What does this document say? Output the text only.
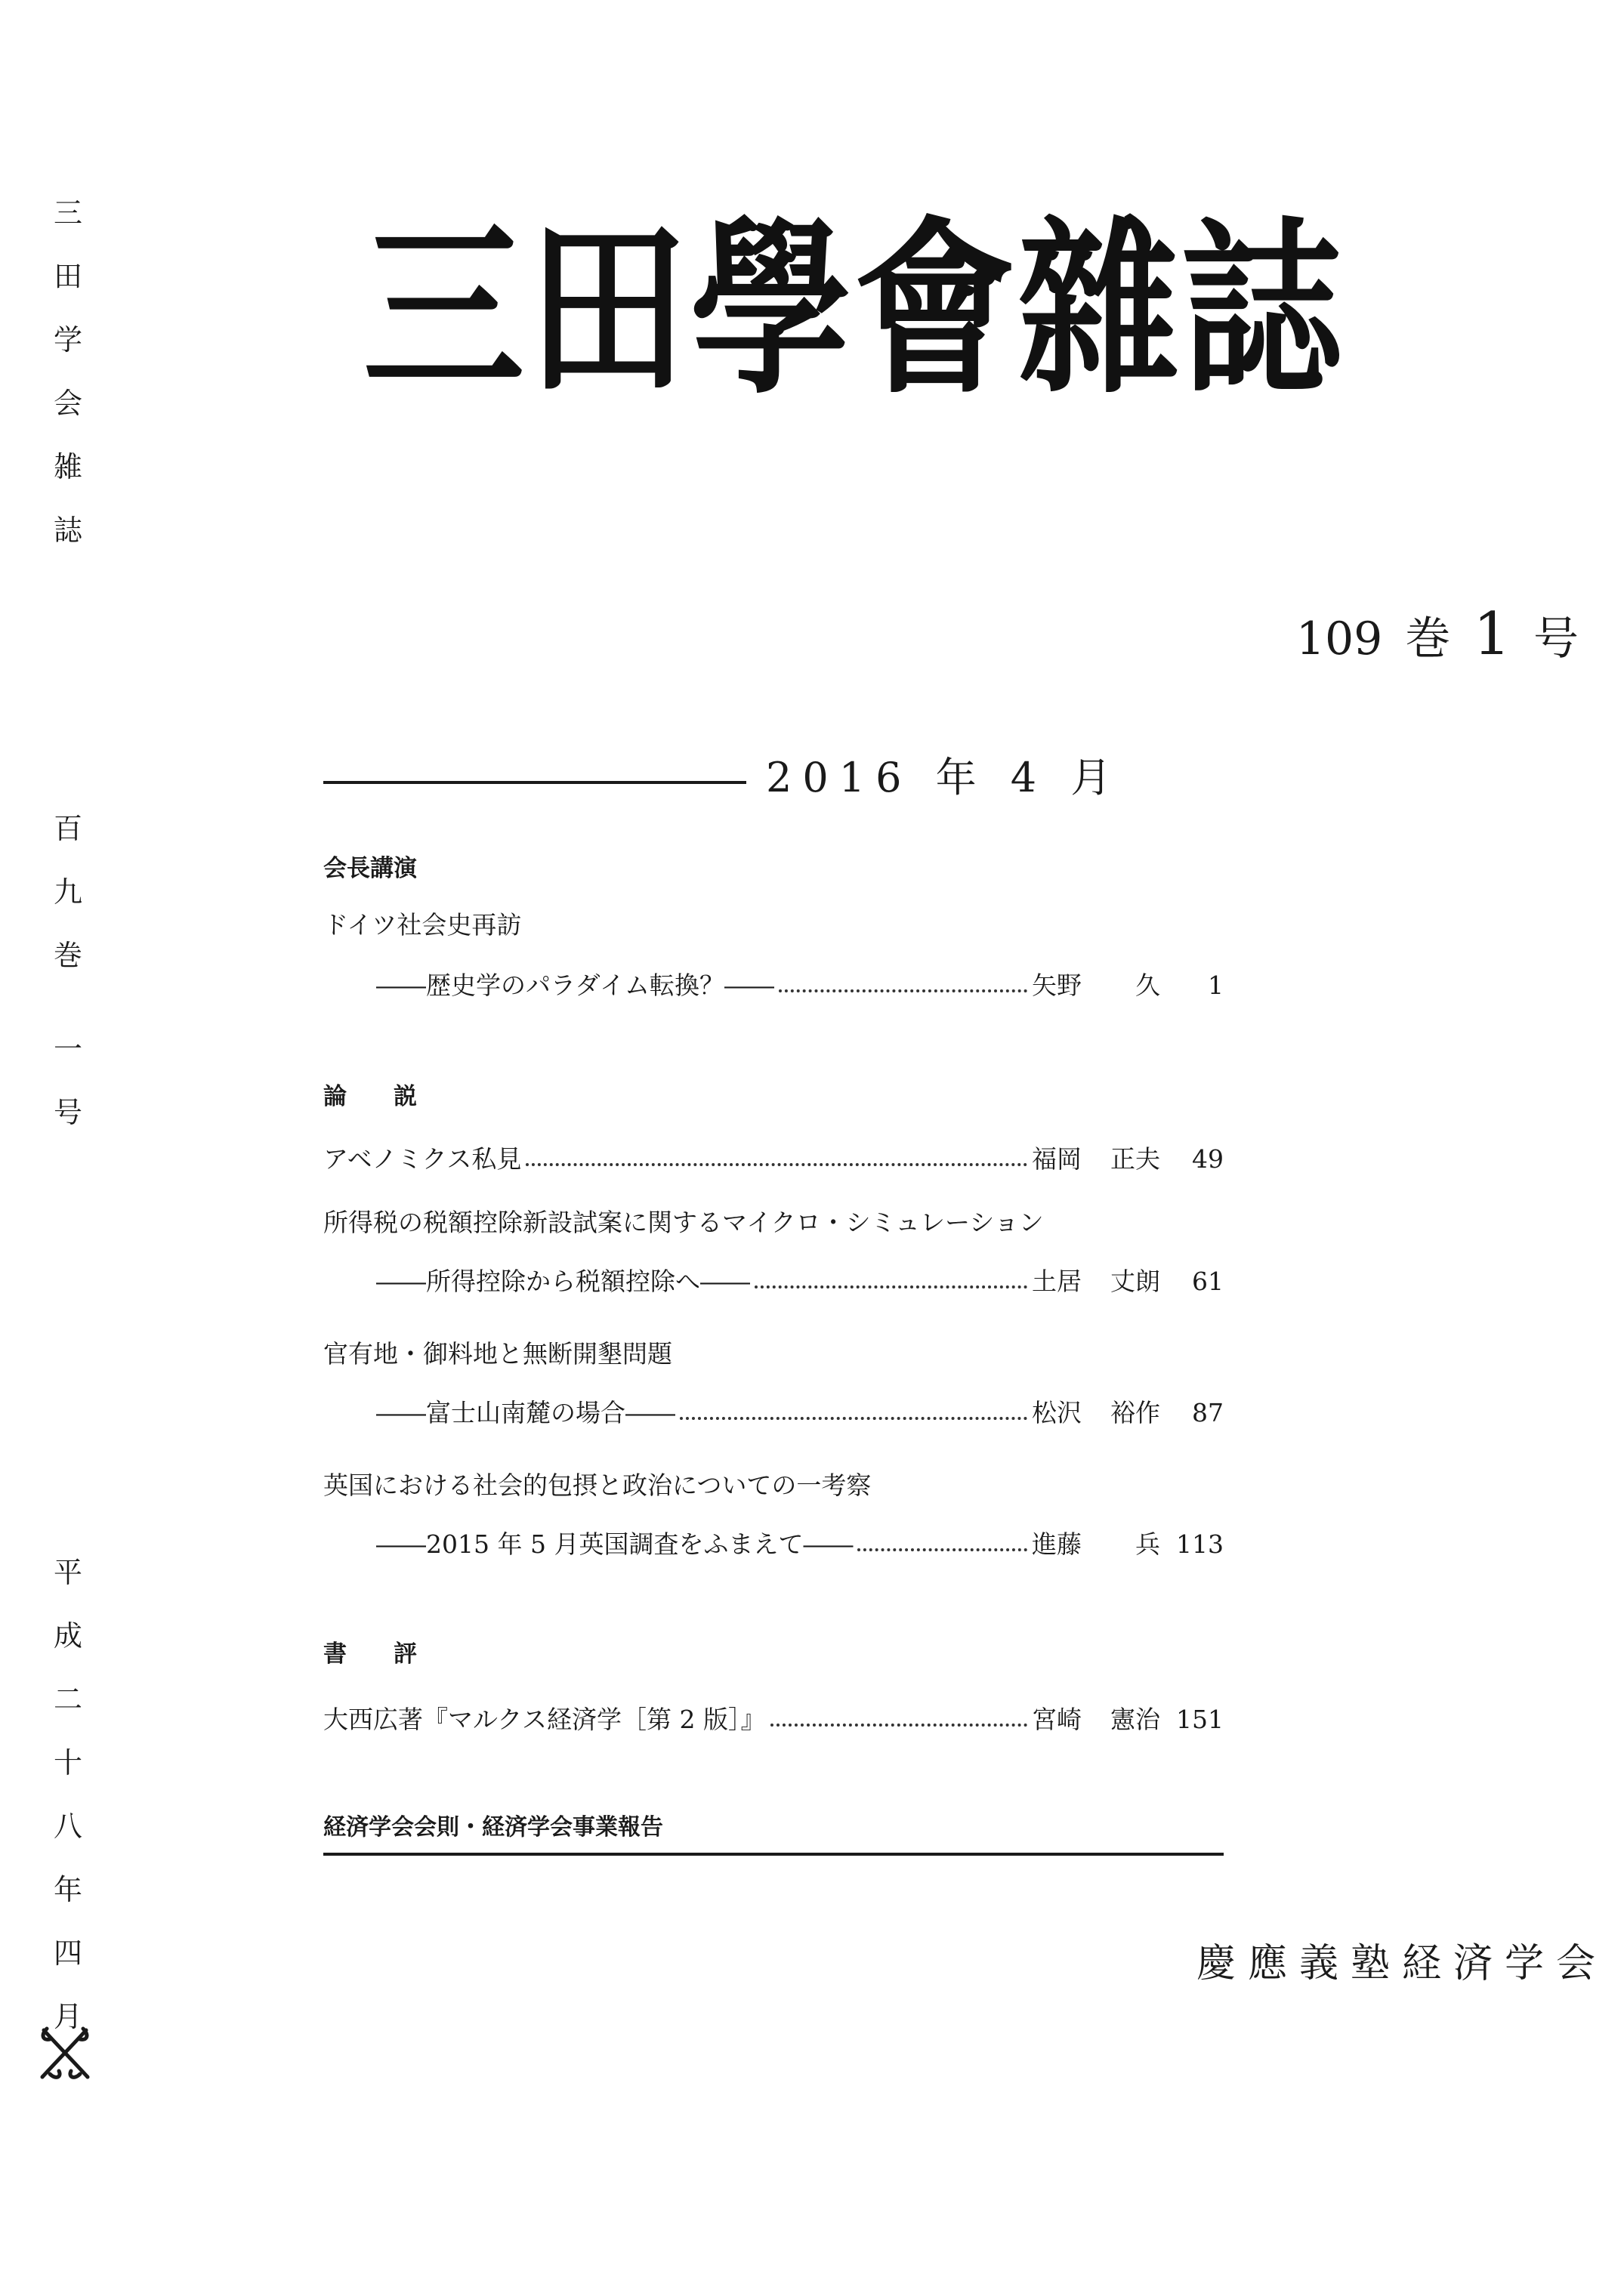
三
田
学
会
雑
誌
百
九
巻
一
号
平
成
二
十
八
年
四
月
三田學會雜誌
109 巻 1 号
2016 年 4 月
会長講演
ドイツ社会史再訪
――歴史学のパラダイム転換？――	矢野 久	1
論　　説
アベノミクス私見	福岡 正夫	49
所得税の税額控除新設試案に関するマイクロ・シミュレーション
――所得控除から税額控除へ――	土居 丈朗	61
官有地・御料地と無断開墾問題
――富士山南麓の場合――	松沢 裕作	87
英国における社会的包摂と政治についての一考察
――2015 年 5 月英国調査をふまえて――	進藤 兵 113
書　　評
大西広著『マルクス経済学［第 2 版］』	宮崎 憲治 151
経済学会会則・経済学会事業報告
慶應義塾経済学会
